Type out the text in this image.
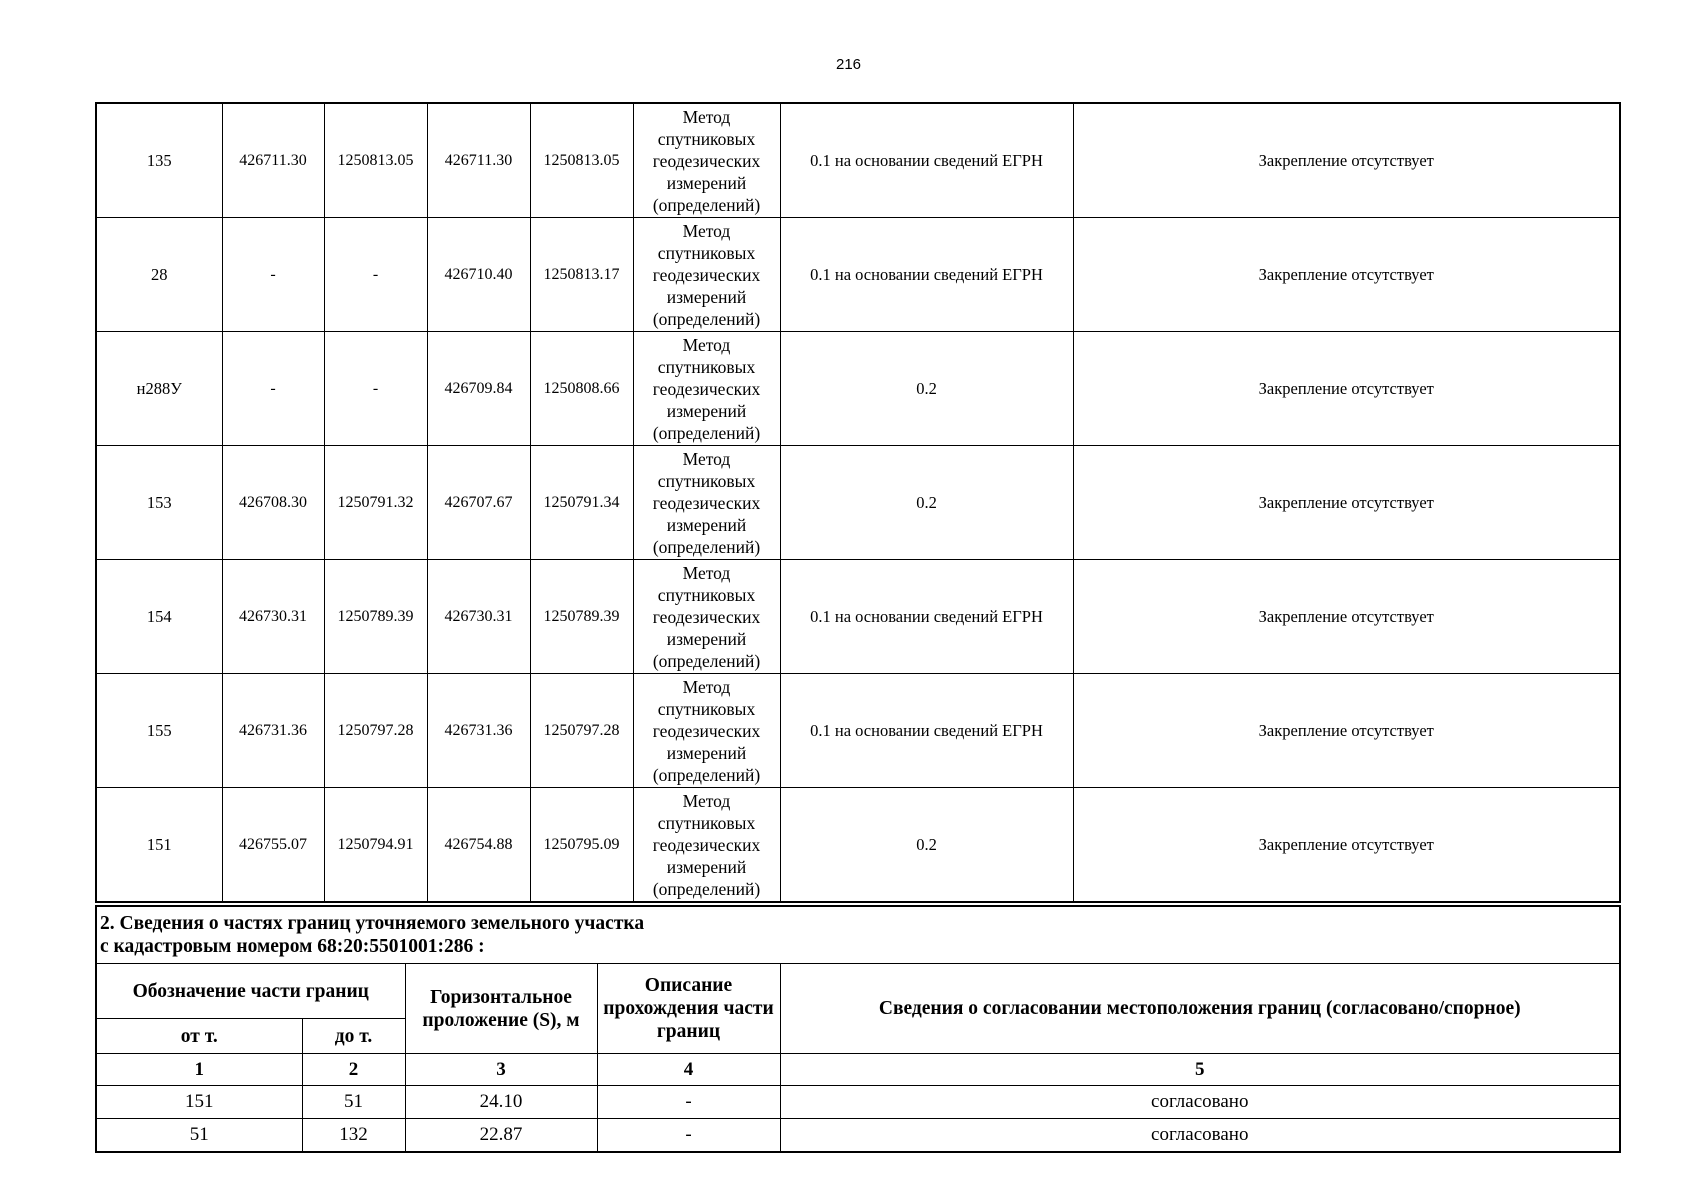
216
135	426711.30	1250813.05	426711.30	1250813.05	Метод
спутниковых
геодезических
измерений
(определений)	0.1 на основании сведений ЕГРН	Закрепление отсутствует
28	-	-	426710.40	1250813.17	Метод
спутниковых
геодезических
измерений
(определений)	0.1 на основании сведений ЕГРН	Закрепление отсутствует
н288У	-	-	426709.84	1250808.66	Метод
спутниковых
геодезических
измерений
(определений)	0.2	Закрепление отсутствует
153	426708.30	1250791.32	426707.67	1250791.34	Метод
спутниковых
геодезических
измерений
(определений)	0.2	Закрепление отсутствует
154	426730.31	1250789.39	426730.31	1250789.39	Метод
спутниковых
геодезических
измерений
(определений)	0.1 на основании сведений ЕГРН	Закрепление отсутствует
155	426731.36	1250797.28	426731.36	1250797.28	Метод
спутниковых
геодезических
измерений
(определений)	0.1 на основании сведений ЕГРН	Закрепление отсутствует
151	426755.07	1250794.91	426754.88	1250795.09	Метод
спутниковых
геодезических
измерений
(определений)	0.2	Закрепление отсутствует
2. Сведения о частях границ уточняемого земельного участка
с кадастровым номером 68:20:5501001:286 :				
Обозначение части границ		Горизонтальное проложение (S), м	Описание прохождения части границ	Сведения о согласовании местоположения границ (согласовано/спорное)
от т.	до т.			
1	2	3	4	5
151	51	24.10	-	согласовано
51	132	22.87	-	согласовано
